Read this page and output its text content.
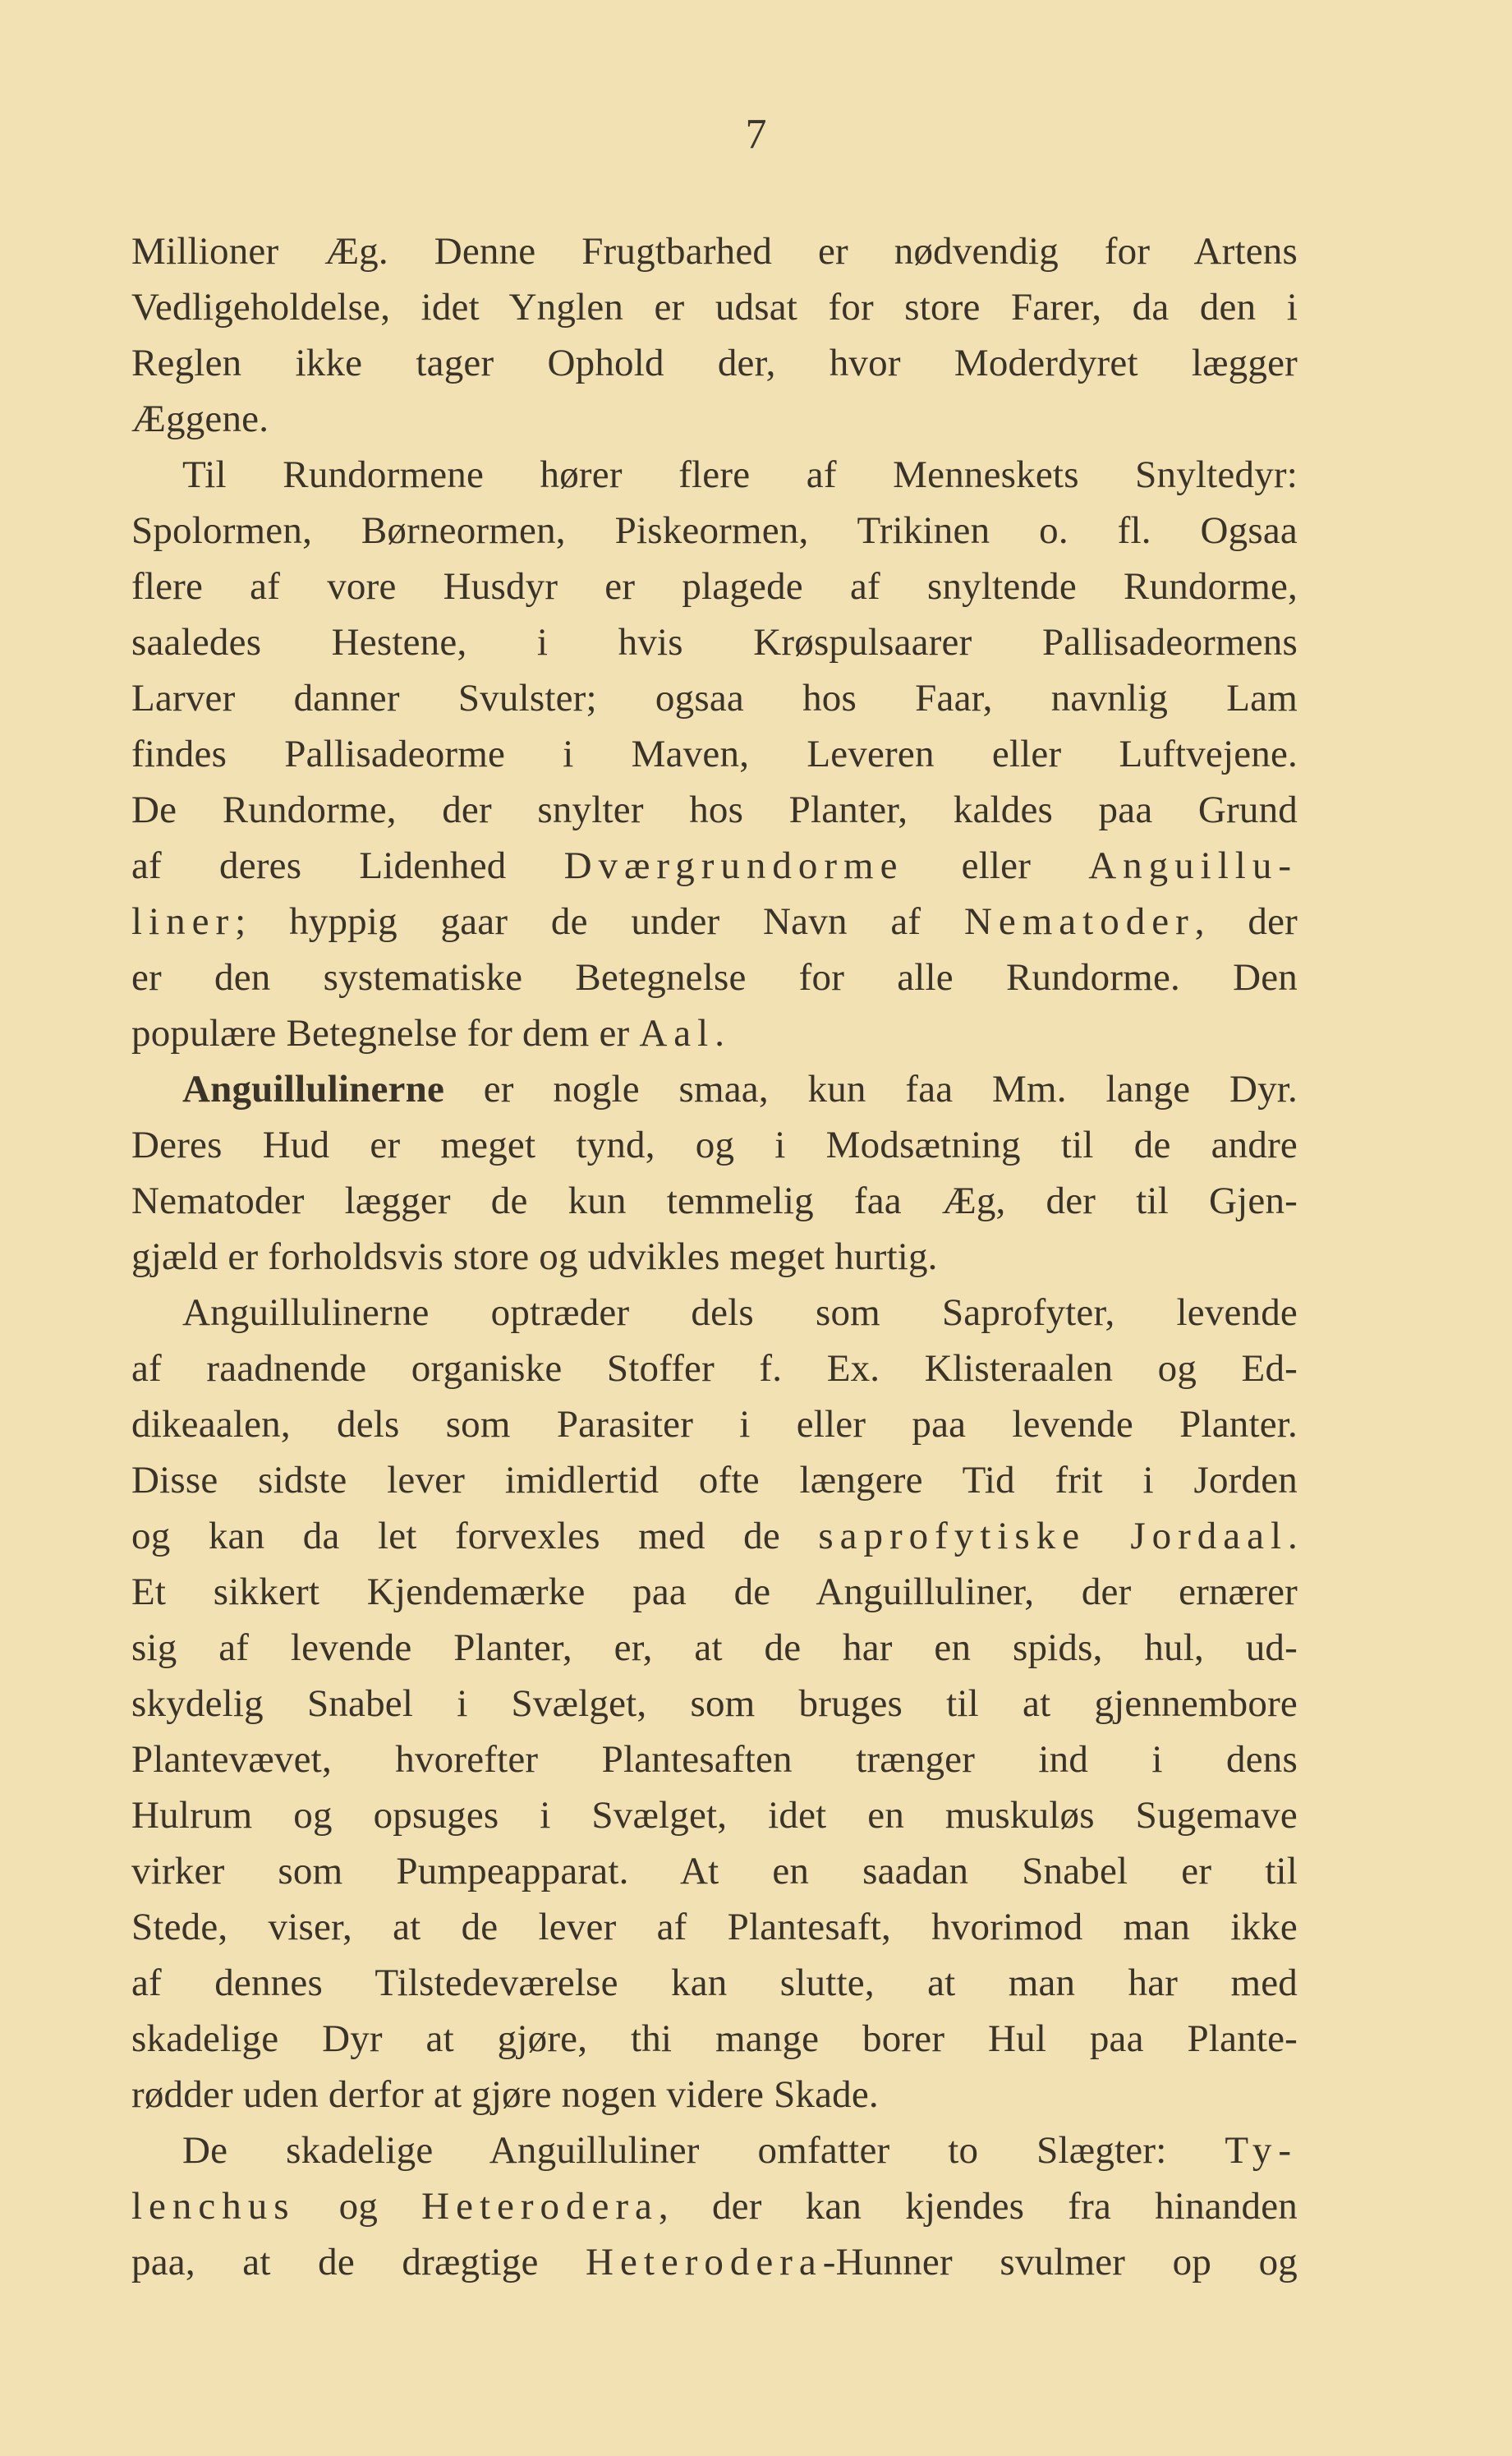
7
Millioner Æg. Denne Frugtbarhed er nødvendig for Artens
Vedligeholdelse, idet Ynglen er udsat for store Farer, da den i
Reglen ikke tager Ophold der, hvor Moderdyret lægger
Æggene.
Til Rundormene hører flere af Menneskets Snyltedyr:
Spolormen, Børneormen, Piskeormen, Trikinen o. fl. Ogsaa
flere af vore Husdyr er plagede af snyltende Rundorme,
saaledes Hestene, i hvis Krøspulsaarer Pallisadeormens
Larver danner Svulster; ogsaa hos Faar, navnlig Lam
findes Pallisadeorme i Maven, Leveren eller Luftvejene.
De Rundorme, der snylter hos Planter, kaldes paa Grund
af deres Lidenhed Dværgrundorme eller Anguillu-
liner; hyppig gaar de under Navn af Nematoder, der
er den systematiske Betegnelse for alle Rundorme. Den
populære Betegnelse for dem er Aal.
Anguillulinerne er nogle smaa, kun faa Mm. lange Dyr.
Deres Hud er meget tynd, og i Modsætning til de andre
Nematoder lægger de kun temmelig faa Æg, der til Gjen-
gjæld er forholdsvis store og udvikles meget hurtig.
Anguillulinerne optræder dels som Saprofyter, levende
af raadnende organiske Stoffer f. Ex. Klisteraalen og Ed-
dikeaalen, dels som Parasiter i eller paa levende Planter.
Disse sidste lever imidlertid ofte længere Tid frit i Jorden
og kan da let forvexles med de saprofytiske Jordaal.
Et sikkert Kjendemærke paa de Anguilluliner, der ernærer
sig af levende Planter, er, at de har en spids, hul, ud-
skydelig Snabel i Svælget, som bruges til at gjennembore
Plantevævet, hvorefter Plantesaften trænger ind i dens
Hulrum og opsuges i Svælget, idet en muskuløs Sugemave
virker som Pumpeapparat. At en saadan Snabel er til
Stede, viser, at de lever af Plantesaft, hvorimod man ikke
af dennes Tilstedeværelse kan slutte, at man har med
skadelige Dyr at gjøre, thi mange borer Hul paa Plante-
rødder uden derfor at gjøre nogen videre Skade.
De skadelige Anguilluliner omfatter to Slægter: Ty-
lenchus og Heterodera, der kan kjendes fra hinanden
paa, at de drægtige Heterodera-Hunner svulmer op og
